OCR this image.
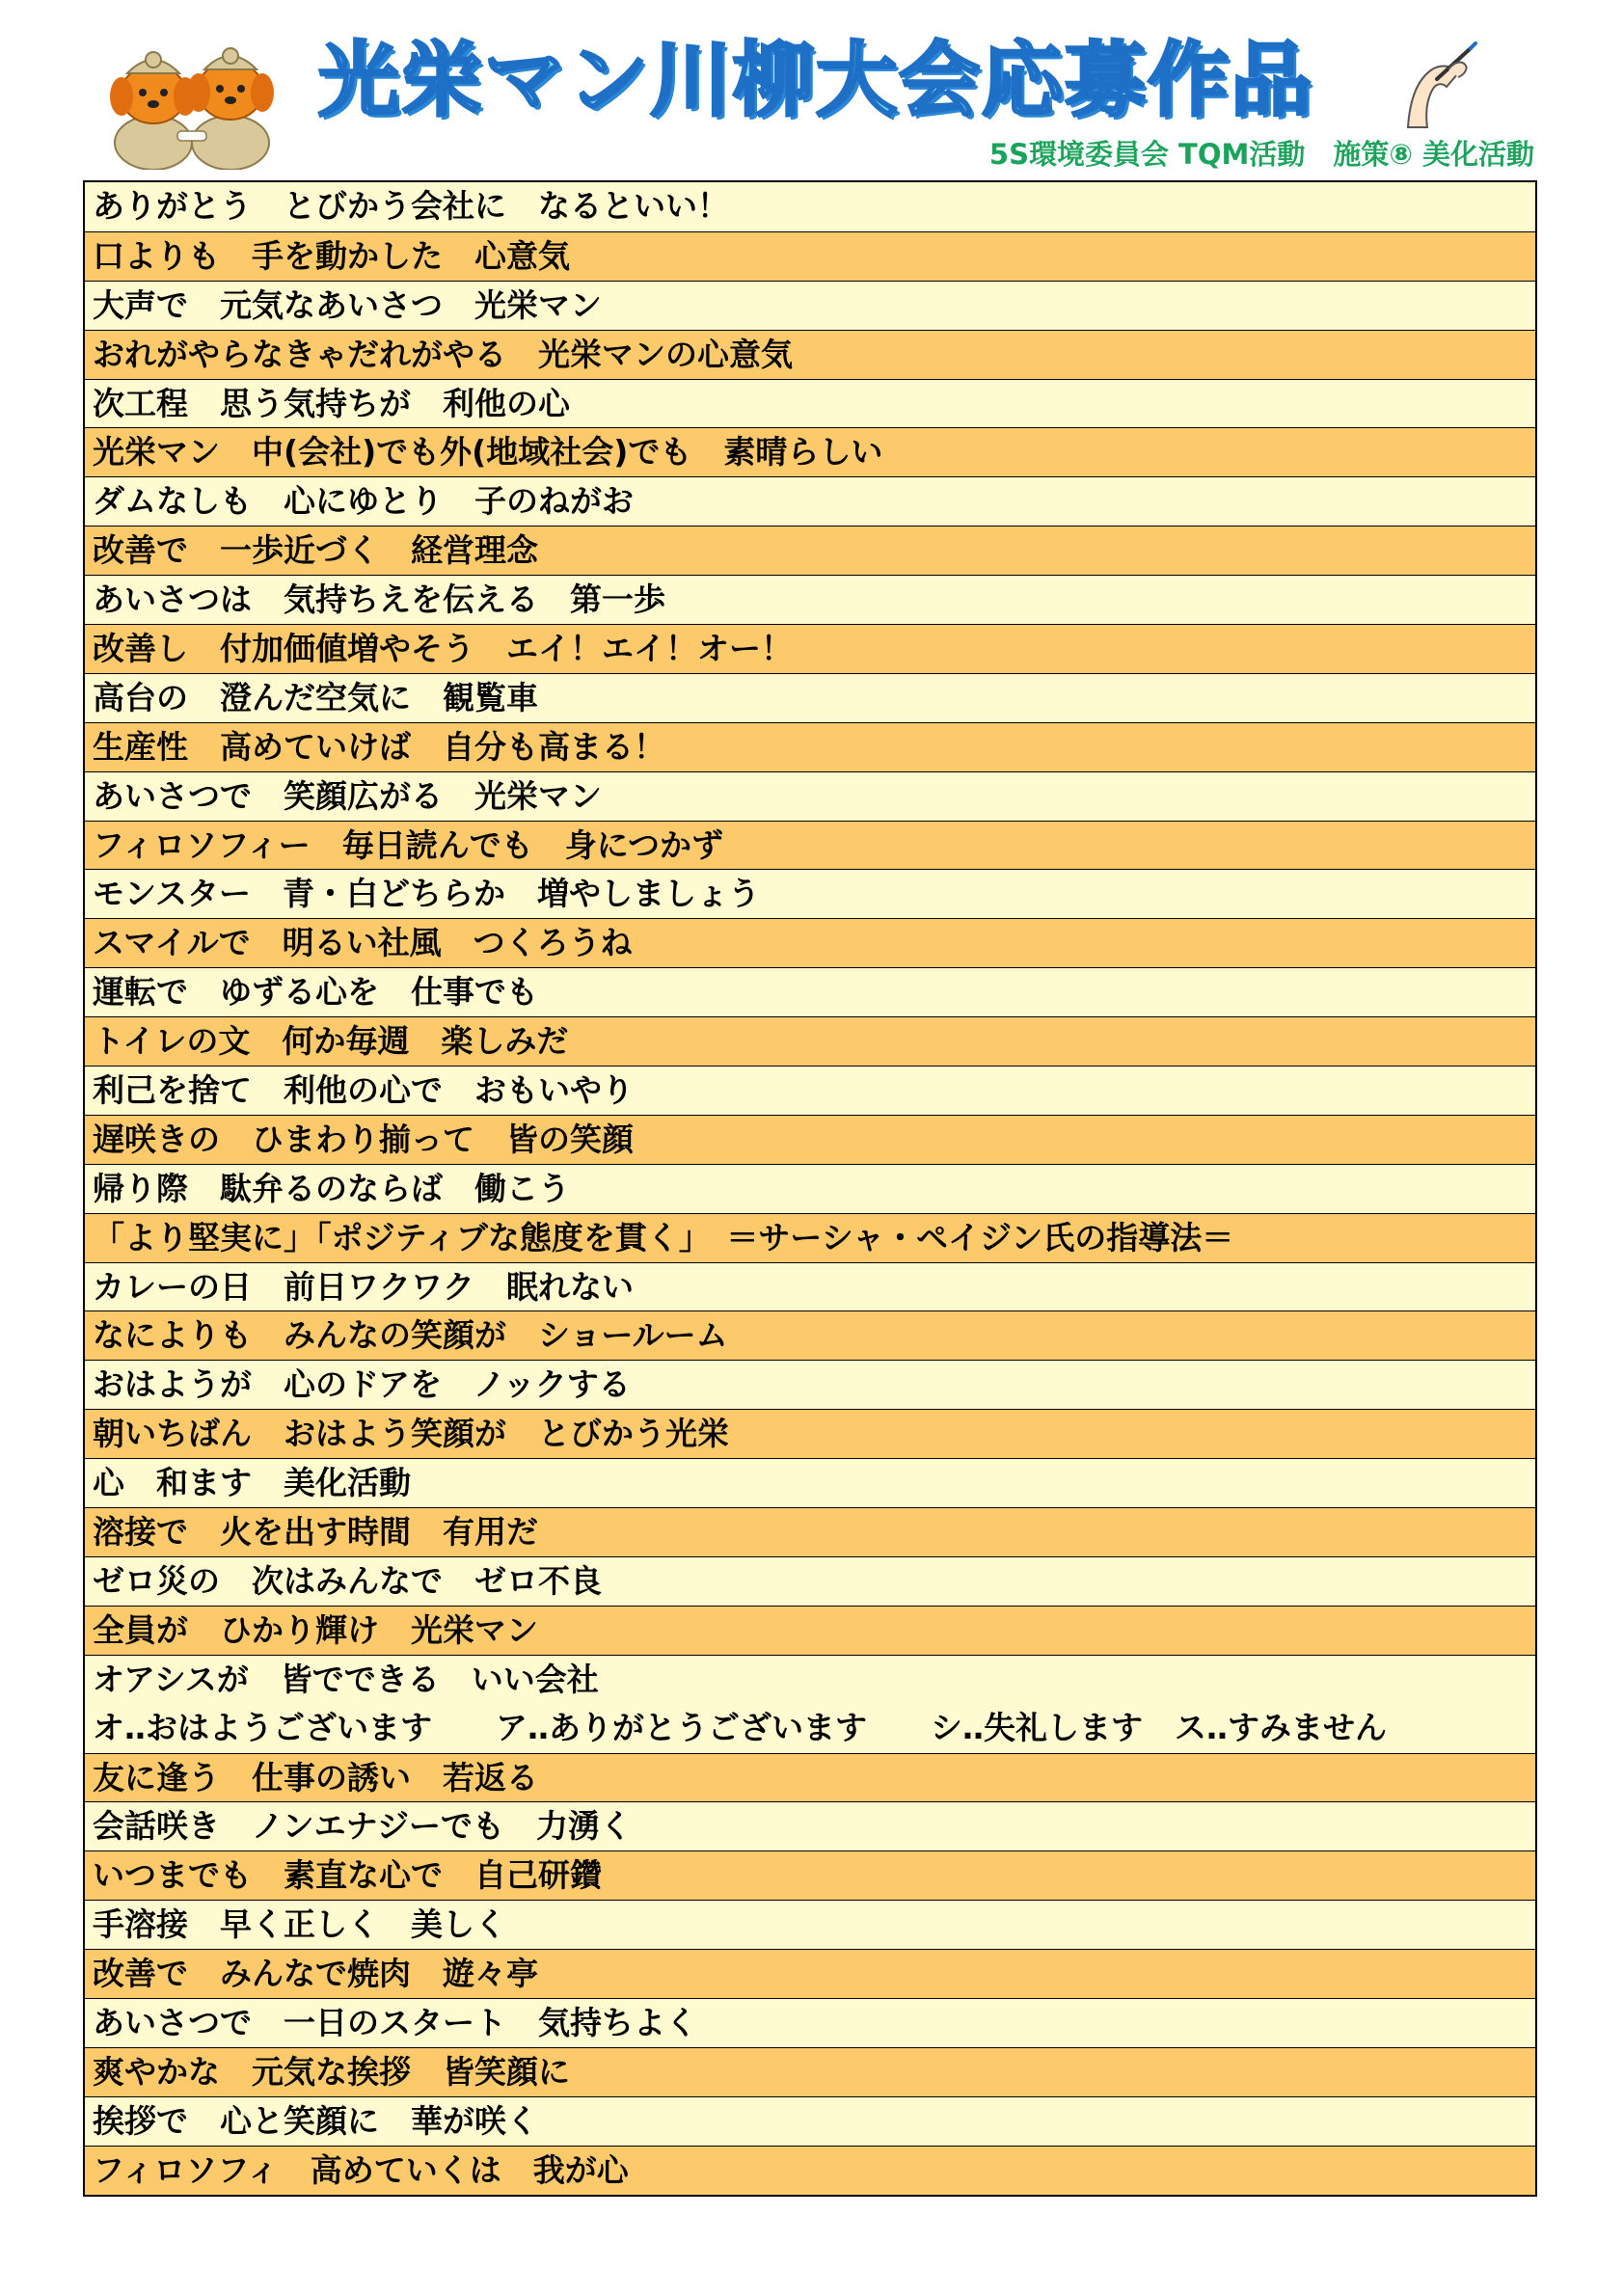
光栄マン川柳大会応募作品
5S環境委員会 TQM活動　施策⑧ 美化活動
ありがとう　とびかう会社に　なるといい！
口よりも　手を動かした　心意気
大声で　元気なあいさつ　光栄マン
おれがやらなきゃだれがやる　光栄マンの心意気
次工程　思う気持ちが　利他の心
光栄マン　中(会社)でも外(地域社会)でも　素晴らしい
ダムなしも　心にゆとり　子のねがお
改善で　一歩近づく　経営理念
あいさつは　気持ちえを伝える　第一歩
改善し　付加価値増やそう　エイ！エイ！オー！
高台の　澄んだ空気に　観覧車
生産性　高めていけば　自分も高まる！
あいさつで　笑顔広がる　光栄マン
フィロソフィー　毎日読んでも　身につかず
モンスター　青・白どちらか　増やしましょう
スマイルで　明るい社風　つくろうね
運転で　ゆずる心を　仕事でも
トイレの文　何か毎週　楽しみだ
利己を捨て　利他の心で　おもいやり
遅咲きの　ひまわり揃って　皆の笑顔
帰り際　駄弁るのならば　働こう
「より堅実に」「ポジティブな態度を貫く」　＝サーシャ・ペイジン氏の指導法＝
カレーの日　前日ワクワク　眠れない
なによりも　みんなの笑顔が　ショールーム
おはようが　心のドアを　ノックする
朝いちばん　おはよう笑顔が　とびかう光栄
心　和ます　美化活動
溶接で　火を出す時間　有用だ
ゼロ災の　次はみんなで　ゼロ不良
全員が　ひかり輝け　光栄マン
オアシスが　皆でできる　いい会社
オ‥おはようございます　　ア‥ありがとうございます　　シ‥失礼します　ス‥すみません
友に逢う　仕事の誘い　若返る
会話咲き　ノンエナジーでも　力湧く
いつまでも　素直な心で　自己研鑽
手溶接　早く正しく　美しく
改善で　みんなで焼肉　遊々亭
あいさつで　一日のスタート　気持ちよく
爽やかな　元気な挨拶　皆笑顔に
挨拶で　心と笑顔に　華が咲く
フィロソフィ　高めていくは　我が心
